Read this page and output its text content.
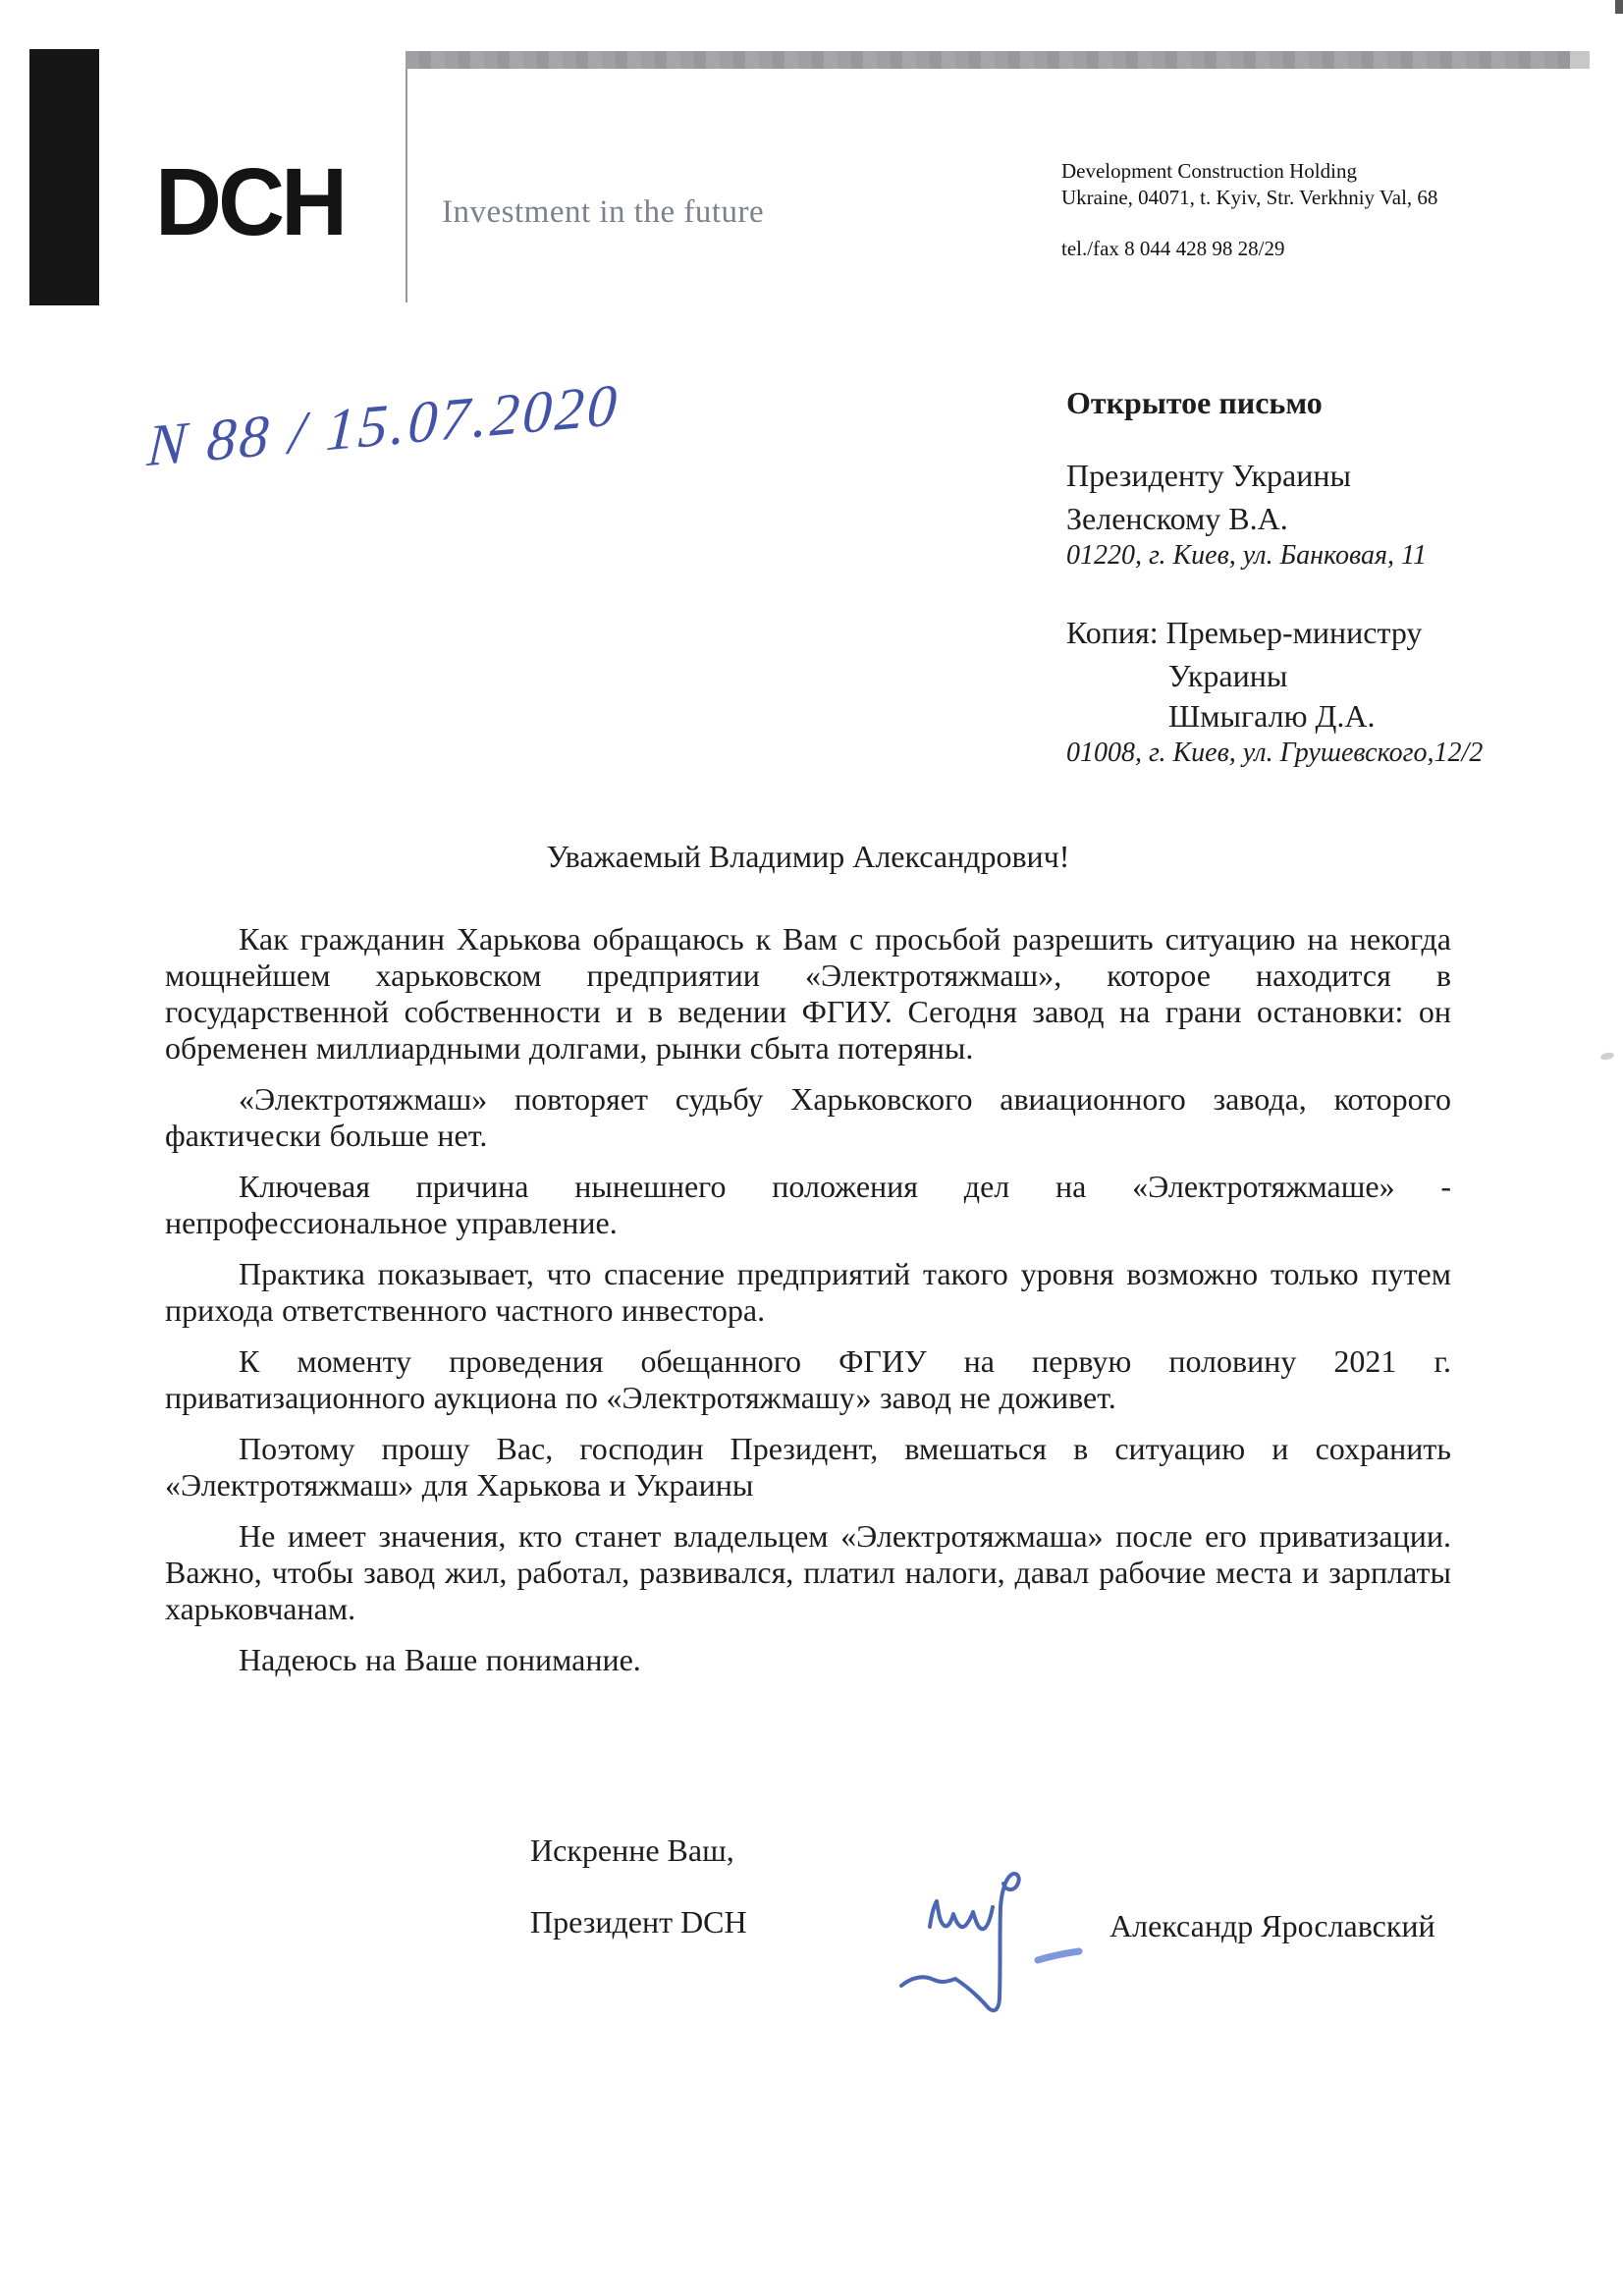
DCH	Investment in the future
Development Construction Holding
Ukraine, 04071, t. Kyiv, Str. Verkhniy Val, 68
tel./fax 8 044 428 98 28/29
N 88 / 15.07.2020	Открытое письмо
Президенту Украины
Зеленскому В.А.
01220, г. Киев, ул. Банковая, 11
Копия: Премьер-министру
Украины
Шмыгалю Д.А.
01008, г. Киев, ул. Грушевского,12/2
Уважаемый Владимир Александрович!

Как гражданин Харькова обращаюсь к Вам с просьбой разрешить ситуацию на некогда мощнейшем харьковском предприятии «Электротяжмаш», которое находится в государственной собственности и в ведении ФГИУ. Сегодня завод на грани остановки: он обременен миллиардными долгами, рынки сбыта потеряны.

«Электротяжмаш» повторяет судьбу Харьковского авиационного завода, которого фактически больше нет.

Ключевая причина нынешнего положения дел на «Электротяжмаше» - непрофессиональное управление.

Практика показывает, что спасение предприятий такого уровня возможно только путем прихода ответственного частного инвестора.

К моменту проведения обещанного ФГИУ на первую половину 2021 г. приватизационного аукциона по «Электротяжмашу» завод не доживет.

Поэтому прошу Вас, господин Президент, вмешаться в ситуацию и сохранить «Электротяжмаш» для Харькова и Украины

Не имеет значения, кто станет владельцем «Электротяжмаша» после его приватизации. Важно, чтобы завод жил, работал, развивался, платил налоги, давал рабочие места и зарплаты харьковчанам.

Надеюсь на Ваше понимание.

Искренне Ваш,
Президент DCH	Александр Ярославский
